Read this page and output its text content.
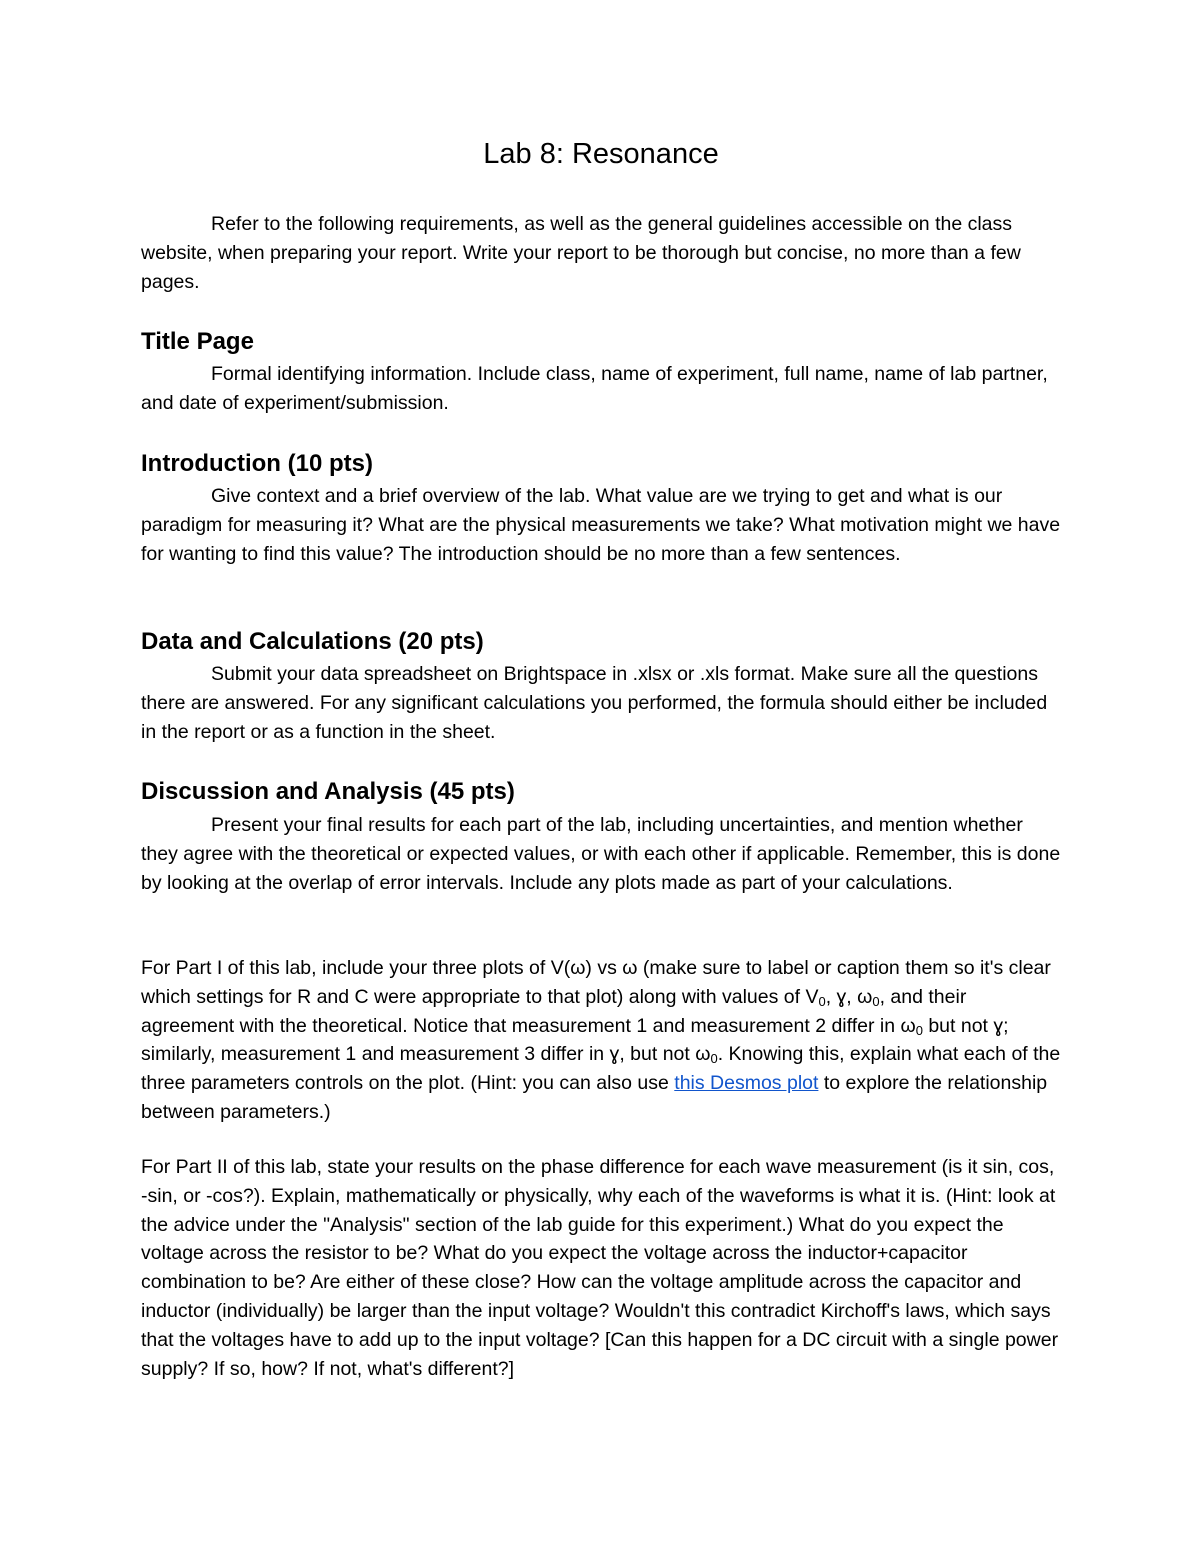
Lab 8: Resonance

Refer to the following requirements, as well as the general guidelines accessible on the class website, when preparing your report. Write your report to be thorough but concise, no more than a few pages.

Title Page

Formal identifying information. Include class, name of experiment, full name, name of lab partner, and date of experiment/submission.

Introduction (10 pts)

Give context and a brief overview of the lab. What value are we trying to get and what is our paradigm for measuring it? What are the physical measurements we take? What motivation might we have for wanting to find this value? The introduction should be no more than a few sentences.

Data and Calculations (20 pts)

Submit your data spreadsheet on Brightspace in .xlsx or .xls format. Make sure all the questions there are answered. For any significant calculations you performed, the formula should either be included in the report or as a function in the sheet.

Discussion and Analysis (45 pts)

Present your final results for each part of the lab, including uncertainties, and mention whether they agree with the theoretical or expected values, or with each other if applicable. Remember, this is done by looking at the overlap of error intervals. Include any plots made as part of your calculations.

For Part I of this lab, include your three plots of V(ω) vs ω (make sure to label or caption them so it's clear which settings for R and C were appropriate to that plot) along with values of $V_0$, ɣ, $\omega_0$, and their agreement with the theoretical. Notice that measurement 1 and measurement 2 differ in $\omega_0$ but not ɣ; similarly, measurement 1 and measurement 3 differ in ɣ, but not $\omega_0$. Knowing this, explain what each of the three parameters controls on the plot. (Hint: you can also use this Desmos plot to explore the relationship between parameters.)

For Part II of this lab, state your results on the phase difference for each wave measurement (is it sin, cos, -sin, or -cos?). Explain, mathematically or physically, why each of the waveforms is what it is. (Hint: look at the advice under the "Analysis" section of the lab guide for this experiment.) What do you expect the voltage across the resistor to be? What do you expect the voltage across the inductor+capacitor combination to be? Are either of these close? How can the voltage amplitude across the capacitor and inductor (individually) be larger than the input voltage? Wouldn't this contradict Kirchoff's laws, which says that the voltages have to add up to the input voltage? [Can this happen for a DC circuit with a single power supply? If so, how? If not, what's different?]
